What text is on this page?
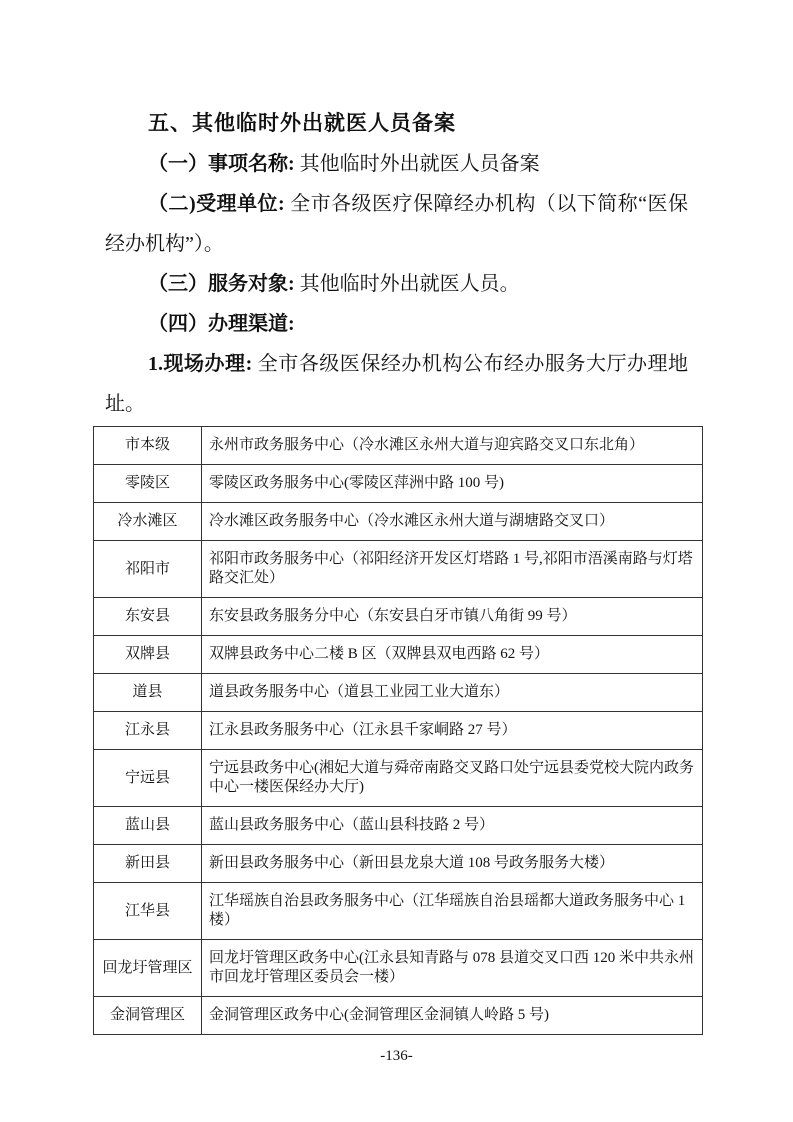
五、其他临时外出就医人员备案

（一）事项名称: 其他临时外出就医人员备案

（二)受理单位: 全市各级医疗保障经办机构（以下简称“医保经办机构”）。

（三）服务对象: 其他临时外出就医人员。

（四）办理渠道:

1.现场办理: 全市各级医保经办机构公布经办服务大厅办理地址。

市本级	永州市政务服务中心（冷水滩区永州大道与迎宾路交叉口东北角）
零陵区	零陵区政务服务中心(零陵区萍洲中路 100 号)
冷水滩区	冷水滩区政务服务中心（冷水滩区永州大道与湖塘路交叉口）
祁阳市	祁阳市政务服务中心（祁阳经济开发区灯塔路 1 号,祁阳市浯溪南路与灯塔路交汇处）
东安县	东安县政务服务分中心（东安县白牙市镇八角街 99 号）
双牌县	双牌县政务中心二楼 B 区（双牌县双电西路 62 号）
道县	道县政务服务中心（道县工业园工业大道东）
江永县	江永县政务服务中心（江永县千家峒路 27 号）
宁远县	宁远县政务中心(湘妃大道与舜帝南路交叉路口处宁远县委党校大院内政务中心一楼医保经办大厅)
蓝山县	蓝山县政务服务中心（蓝山县科技路 2 号）
新田县	新田县政务服务中心（新田县龙泉大道 108 号政务服务大楼）
江华县	江华瑶族自治县政务服务中心（江华瑶族自治县瑶都大道政务服务中心 1 楼）
回龙圩管理区	回龙圩管理区政务中心(江永县知青路与 078 县道交叉口西 120 米中共永州市回龙圩管理区委员会一楼）
金洞管理区	金洞管理区政务中心(金洞管理区金洞镇人岭路 5 号)
-136-
